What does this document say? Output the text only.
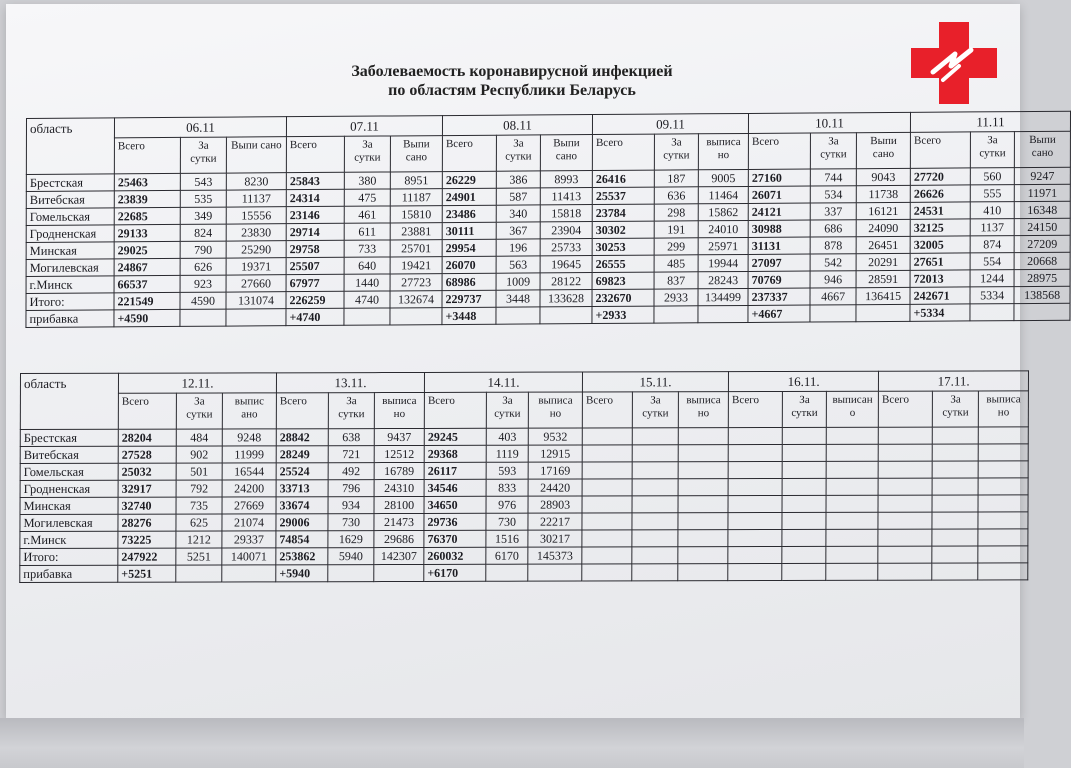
Заболеваемость коронавирусной инфекцией
по областям Республики Беларусь
область	06.11			07.11			08.11			09.11			10.11			11.11		
	Всего	За сутки	Выпи сано	Всего	За сутки	Выпи сано	Всего	За сутки	Выпи сано	Всего	За сутки	выписа но	Всего	За сутки	Выпи сано	Всего	За сутки	Выпи сано
Брестская	25463	543	8230	25843	380	8951	26229	386	8993	26416	187	9005	27160	744	9043	27720	560	9247
Витебская	23839	535	11137	24314	475	11187	24901	587	11413	25537	636	11464	26071	534	11738	26626	555	11971
Гомельская	22685	349	15556	23146	461	15810	23486	340	15818	23784	298	15862	24121	337	16121	24531	410	16348
Гродненская	29133	824	23830	29714	611	23881	30111	367	23904	30302	191	24010	30988	686	24090	32125	1137	24150
Минская	29025	790	25290	29758	733	25701	29954	196	25733	30253	299	25971	31131	878	26451	32005	874	27209
Могилевская	24867	626	19371	25507	640	19421	26070	563	19645	26555	485	19944	27097	542	20291	27651	554	20668
г.Минск	66537	923	27660	67977	1440	27723	68986	1009	28122	69823	837	28243	70769	946	28591	72013	1244	28975
Итого:	221549	4590	131074	226259	4740	132674	229737	3448	133628	232670	2933	134499	237337	4667	136415	242671	5334	138568
прибавка	+4590			+4740			+3448			+2933			+4667			+5334		
область	12.11.			13.11.			14.11.			15.11.			16.11.			17.11.		
	Всего	За сутки	выпис ано	Всего	За сутки	выписа но	Всего	За сутки	выписа но	Всего	За сутки	выписа но	Всего	За сутки	выписан о	Всего	За сутки	выписа но
Брестская	28204	484	9248	28842	638	9437	29245	403	9532									
Витебская	27528	902	11999	28249	721	12512	29368	1119	12915									
Гомельская	25032	501	16544	25524	492	16789	26117	593	17169									
Гродненская	32917	792	24200	33713	796	24310	34546	833	24420									
Минская	32740	735	27669	33674	934	28100	34650	976	28903									
Могилевская	28276	625	21074	29006	730	21473	29736	730	22217									
г.Минск	73225	1212	29337	74854	1629	29686	76370	1516	30217									
Итого:	247922	5251	140071	253862	5940	142307	260032	6170	145373									
прибавка	+5251			+5940			+6170											
